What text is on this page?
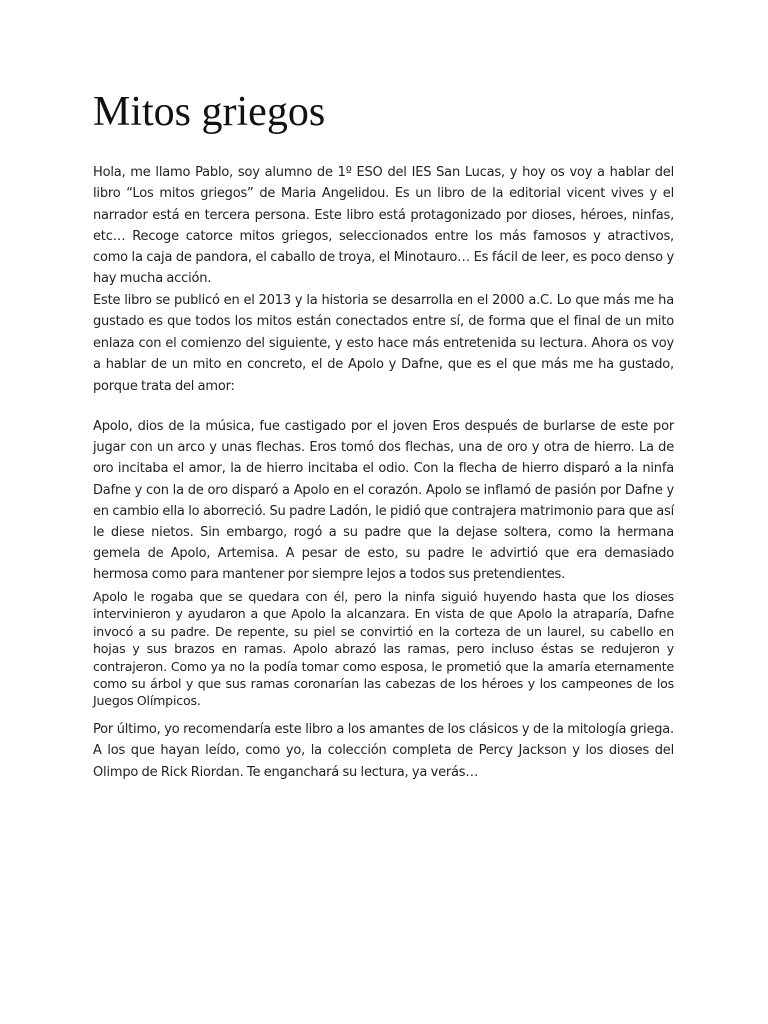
Mitos griegos

Hola, me llamo Pablo, soy alumno de 1º ESO del IES San Lucas, y hoy os voy a hablar del libro “Los mitos griegos” de Maria Angelidou. Es un libro de la editorial vicent vives y el narrador está en tercera persona. Este libro está protagonizado por dioses, héroes, ninfas, etc… Recoge catorce mitos griegos, seleccionados entre los más famosos y atractivos, como la caja de pandora, el caballo de troya, el Minotauro… Es fácil de leer, es poco denso y hay mucha acción.

Este libro se publicó en el 2013 y la historia se desarrolla en el 2000 a.C. Lo que más me ha gustado es que todos los mitos están conectados entre sí, de forma que el final de un mito enlaza con el comienzo del siguiente, y esto hace más entretenida su lectura. Ahora os voy a hablar de un mito en concreto, el de Apolo y Dafne, que es el que más me ha gustado, porque trata del amor:

Apolo, dios de la música, fue castigado por el joven Eros después de burlarse de este por jugar con un arco y unas flechas. Eros tomó dos flechas, una de oro y otra de hierro. La de oro incitaba el amor, la de hierro incitaba el odio. Con la flecha de hierro disparó a la ninfa Dafne y con la de oro disparó a Apolo en el corazón. Apolo se inflamó de pasión por Dafne y en cambio ella lo aborreció. Su padre Ladón, le pidió que contrajera matrimonio para que así le diese nietos. Sin embargo, rogó a su padre que la dejase soltera, como la hermana gemela de Apolo, Artemisa. A pesar de esto, su padre le advirtió que era demasiado hermosa como para mantener por siempre lejos a todos sus pretendientes.

Apolo le rogaba que se quedara con él, pero la ninfa siguió huyendo hasta que los dioses intervinieron y ayudaron a que Apolo la alcanzara. En vista de que Apolo la atraparía, Dafne invocó a su padre. De repente, su piel se convirtió en la corteza de un laurel, su cabello en hojas y sus brazos en ramas. Apolo abrazó las ramas, pero incluso éstas se redujeron y contrajeron. Como ya no la podía tomar como esposa, le prometió que la amaría eternamente como su árbol y que sus ramas coronarían las cabezas de los héroes y los campeones de los Juegos Olímpicos.

Por último, yo recomendaría este libro a los amantes de los clásicos y de la mitología griega. A los que hayan leído, como yo, la colección completa de Percy Jackson y los dioses del Olimpo de Rick Riordan. Te enganchará su lectura, ya verás…
